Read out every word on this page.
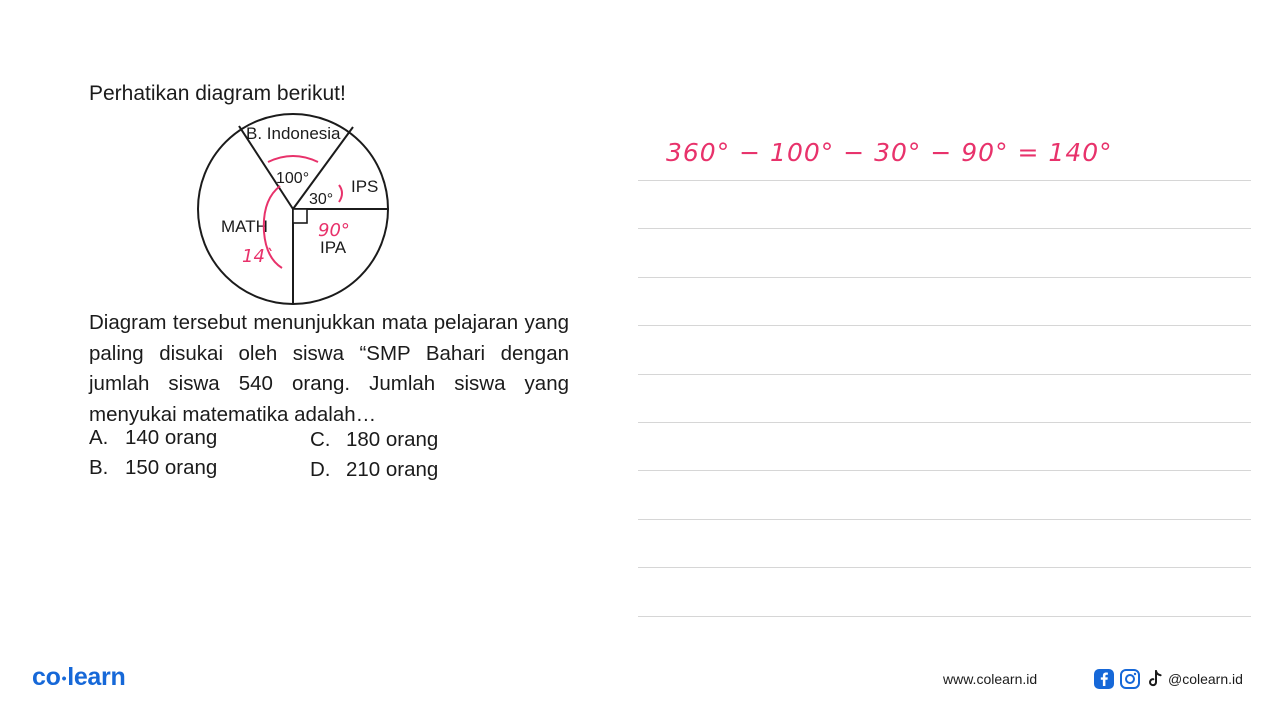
Perhatikan diagram berikut!
B. Indonesia
IPS
MATH
IPA
100°
30°
90°
14`
Diagram tersebut menunjukkan mata pelajaran yang paling disukai oleh siswa “SMP Bahari dengan jumlah siswa 540 orang. Jumlah siswa yang menyukai matematika adalah…
A. 140 orang	C. 180 orang
B. 150 orang	D. 210 orang
360° − 100° − 30° − 90° = 140°
co•learn	www.colearn.id	@colearn.id
